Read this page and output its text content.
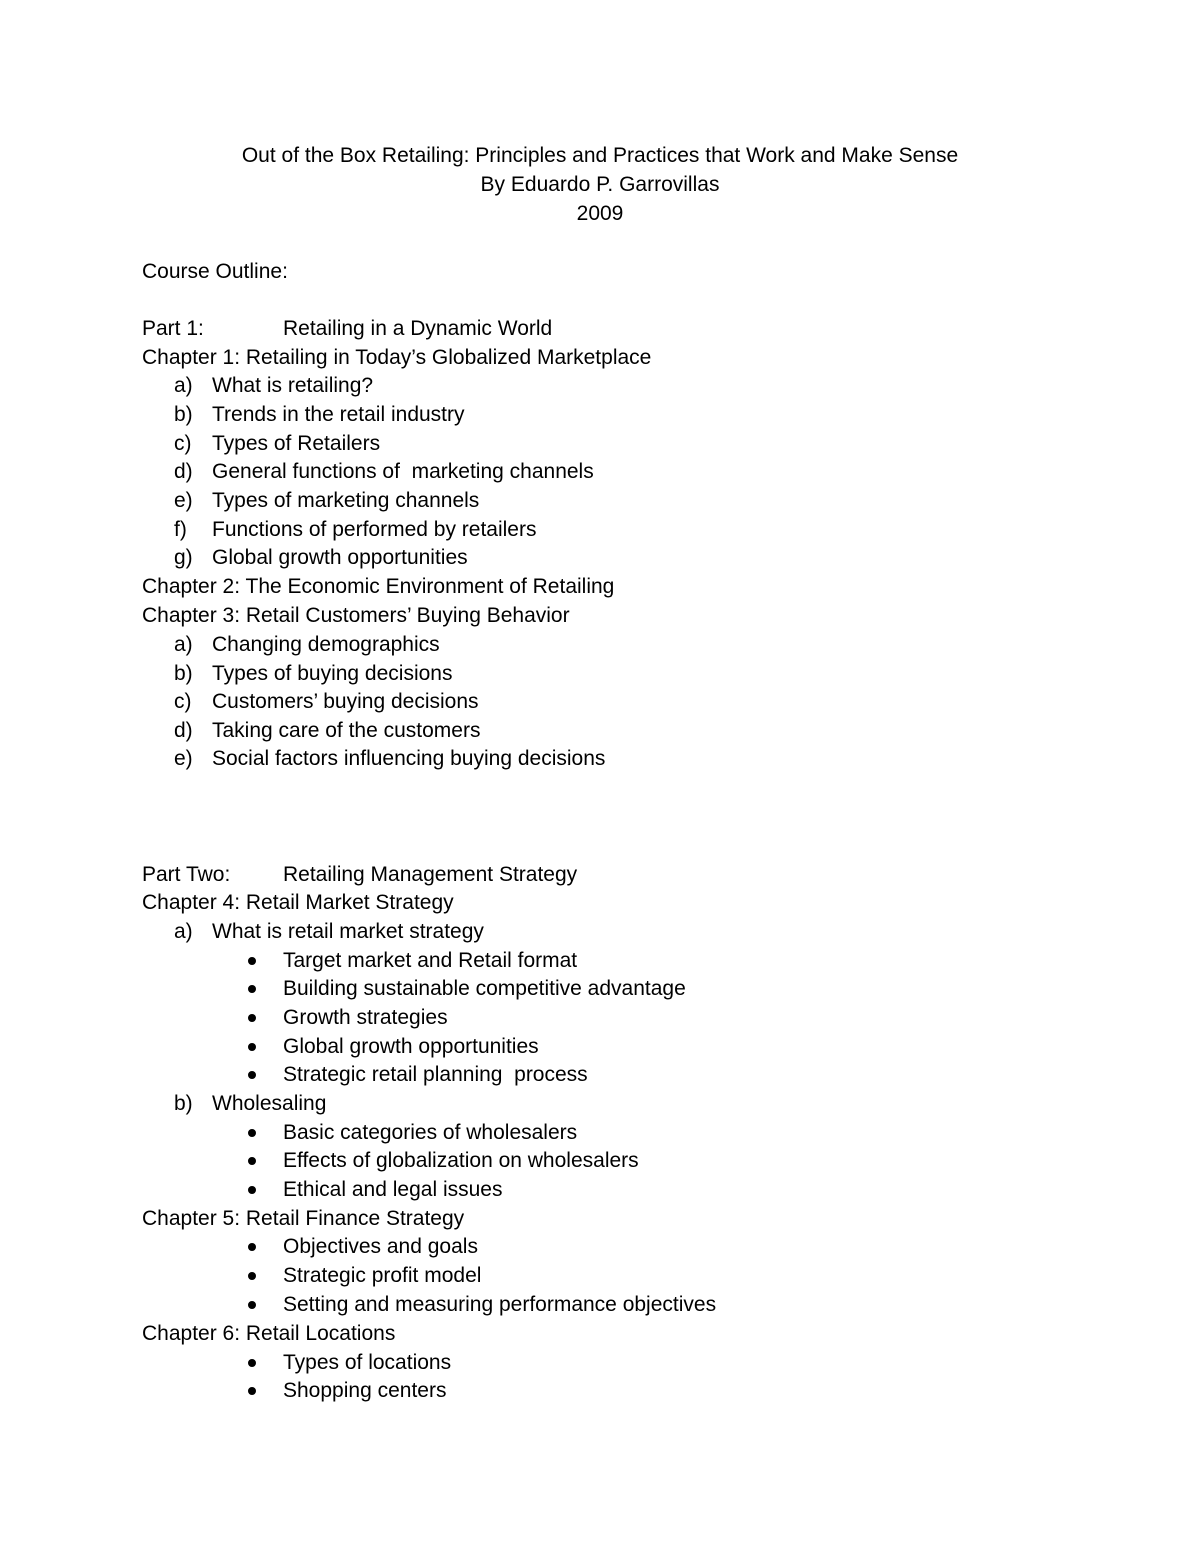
Out of the Box Retailing: Principles and Practices that Work and Make Sense
By Eduardo P. Garrovillas
2009
Course Outline:
Part 1:	Retailing in a Dynamic World
Chapter 1: Retailing in Today’s Globalized Marketplace
a) What is retailing?
b) Trends in the retail industry
c) Types of Retailers
d) General functions of  marketing channels
e) Types of marketing channels
f) Functions of performed by retailers
g) Global growth opportunities
Chapter 2: The Economic Environment of Retailing
Chapter 3: Retail Customers’ Buying Behavior
a) Changing demographics
b) Types of buying decisions
c) Customers’ buying decisions
d) Taking care of the customers
e) Social factors influencing buying decisions
Part Two:	Retailing Management Strategy
Chapter 4: Retail Market Strategy
a) What is retail market strategy
Target market and Retail format
Building sustainable competitive advantage
Growth strategies
Global growth opportunities
Strategic retail planning  process
b) Wholesaling
Basic categories of wholesalers
Effects of globalization on wholesalers
Ethical and legal issues
Chapter 5: Retail Finance Strategy
Objectives and goals
Strategic profit model
Setting and measuring performance objectives
Chapter 6: Retail Locations
Types of locations
Shopping centers
